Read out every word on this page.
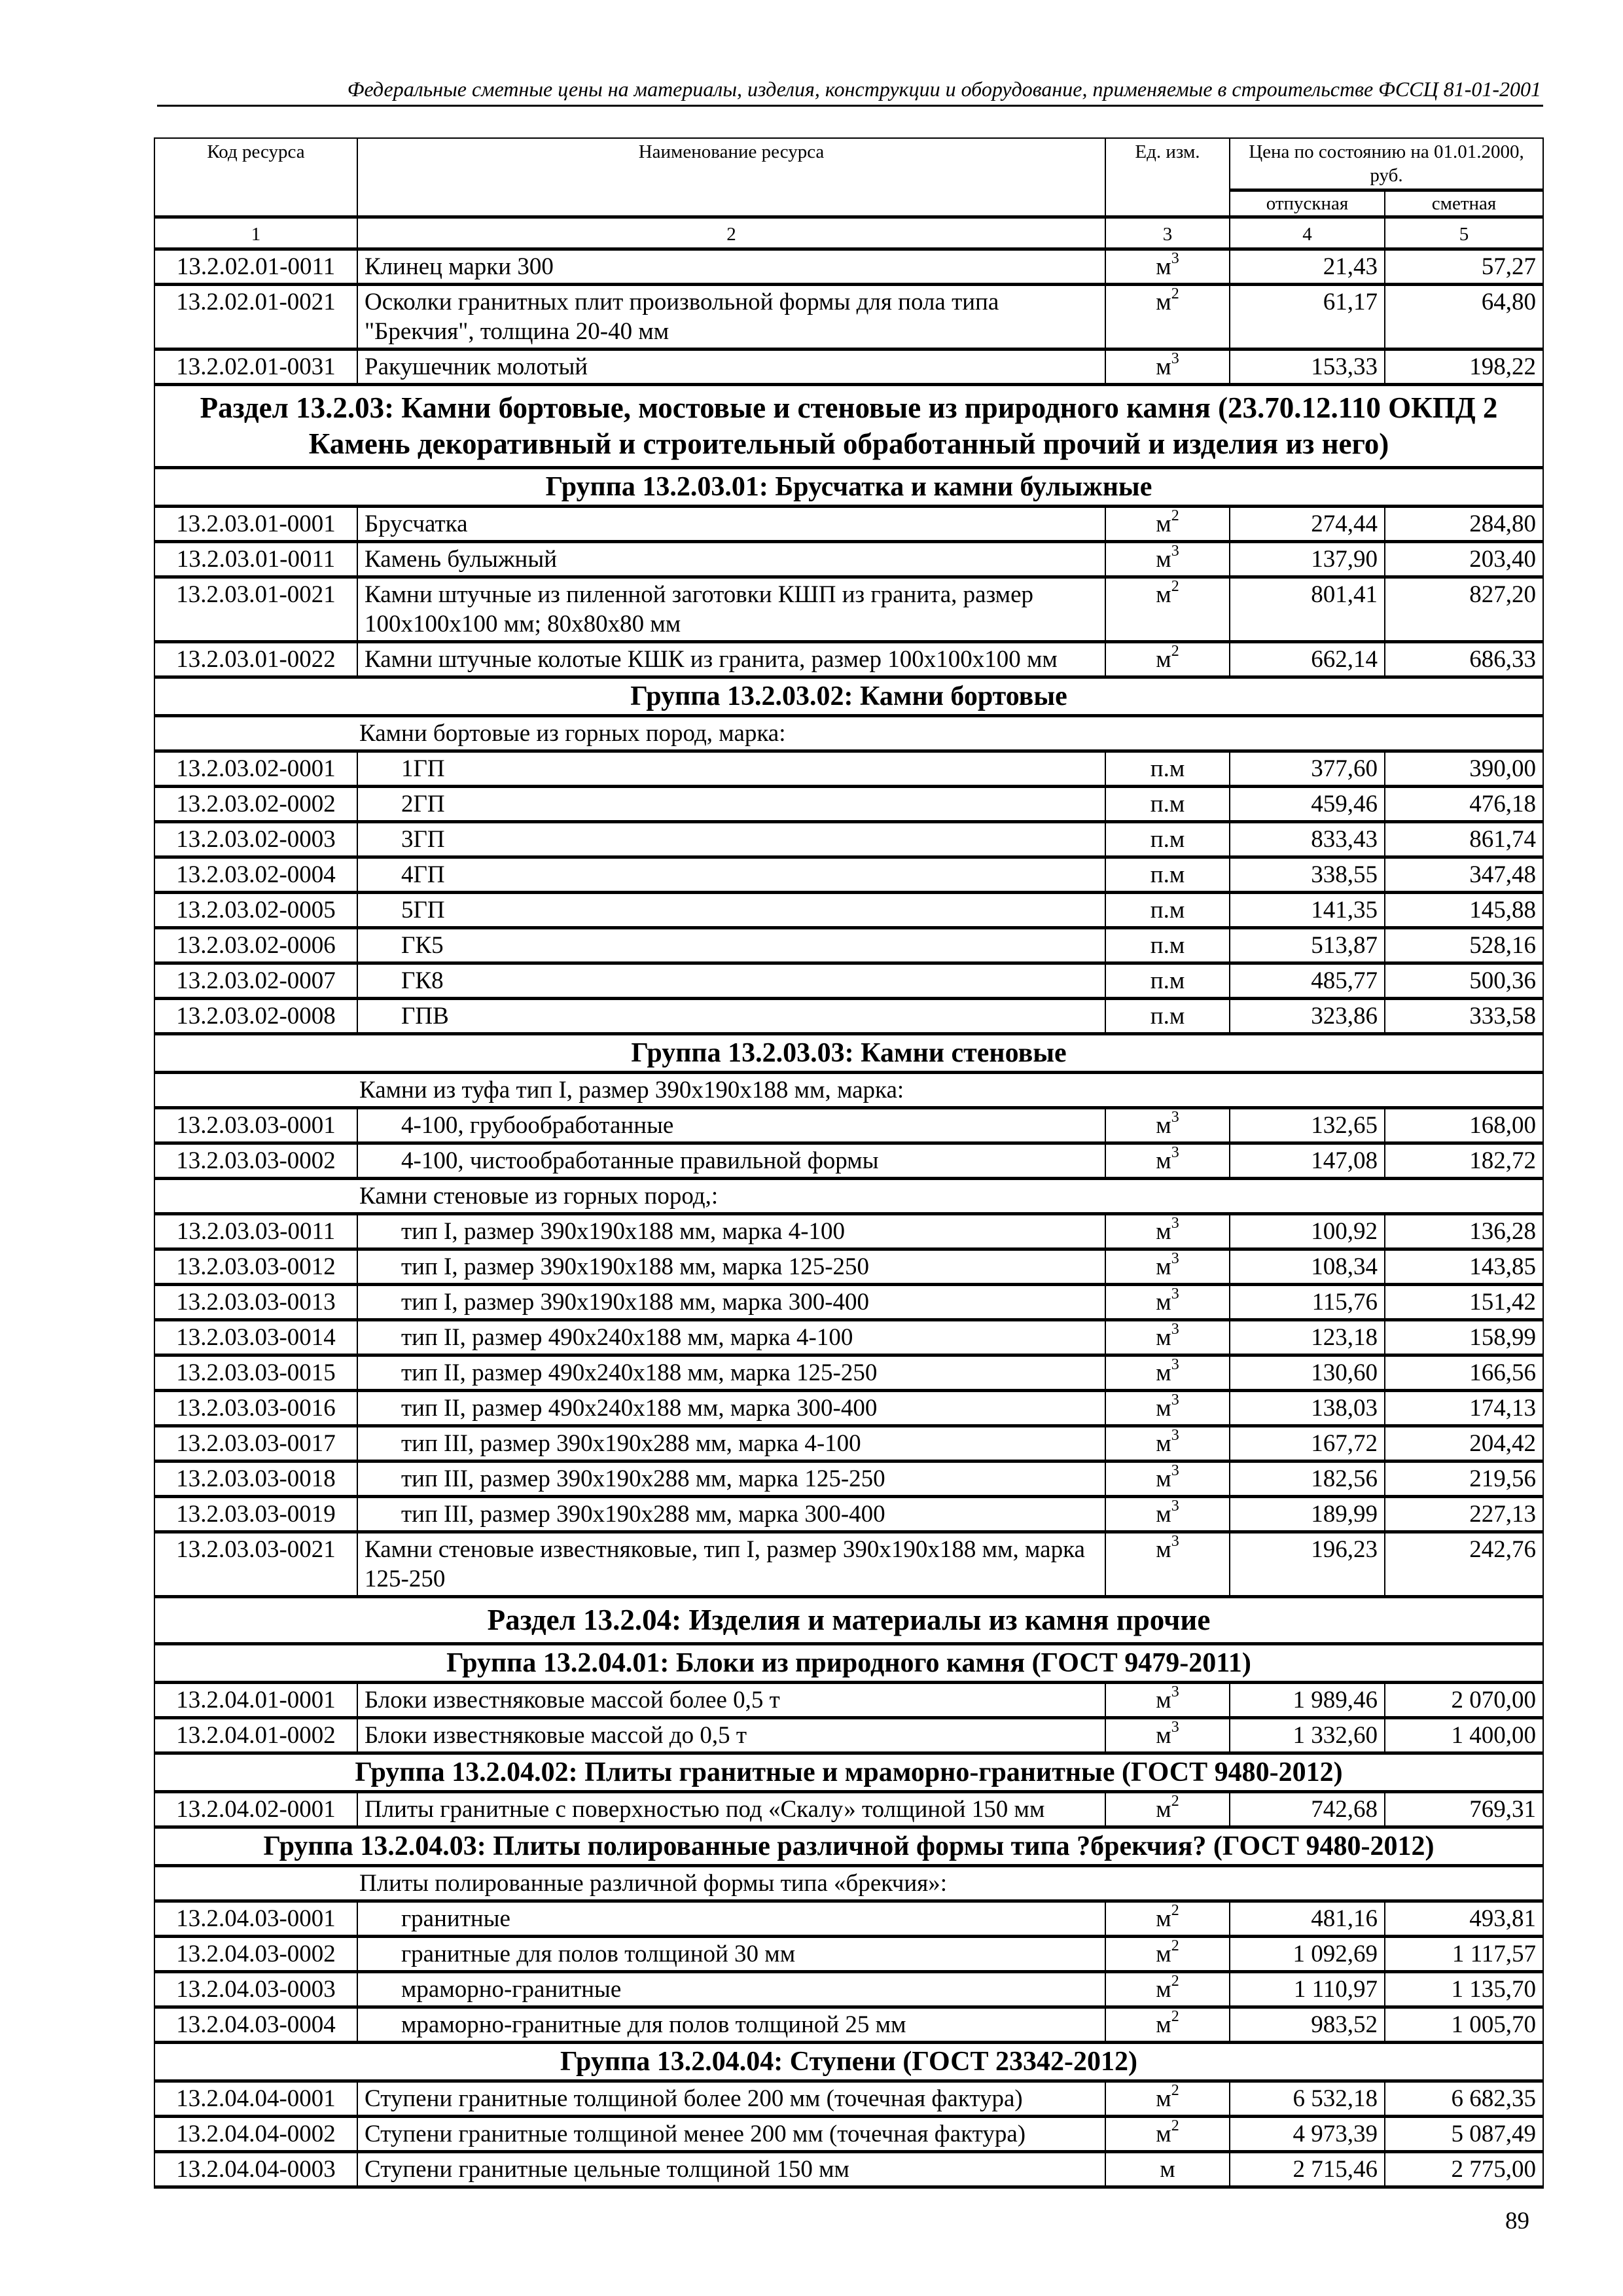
Федеральные сметные цены на материалы, изделия, конструкции и оборудование, применяемые в строительстве ФССЦ 81-01-2001
Код ресурса	Наименование ресурса	Ед. изм.	Цена по состоянию на 01.01.2000, руб.	
			отпускная	сметная
1	2	3	4	5
13.2.02.01-0011	Клинец марки 300	$м^3$	21,43	57,27
13.2.02.01-0021	Осколки гранитных плит произвольной формы для пола типа "Брекчия", толщина 20-40 мм	$м^2$	61,17	64,80
13.2.02.01-0031	Ракушечник молотый	$м^3$	153,33	198,22
Раздел 13.2.03: Камни бортовые, мостовые и стеновые из природного камня (23.70.12.110 ОКПД 2 Камень декоративный и строительный обработанный прочий и изделия из него)				
Группа 13.2.03.01: Брусчатка и камни булыжные				
13.2.03.01-0001	Брусчатка	$м^2$	274,44	284,80
13.2.03.01-0011	Камень булыжный	$м^3$	137,90	203,40
13.2.03.01-0021	Камни штучные из пиленной заготовки КШП из гранита, размер 100х100х100 мм; 80х80х80 мм	$м^2$	801,41	827,20
13.2.03.01-0022	Камни штучные колотые КШК из гранита, размер 100х100х100 мм	$м^2$	662,14	686,33
Группа 13.2.03.02: Камни бортовые				
Камни бортовые из горных пород, марка:				
13.2.03.02-0001	1ГП	п.м	377,60	390,00
13.2.03.02-0002	2ГП	п.м	459,46	476,18
13.2.03.02-0003	3ГП	п.м	833,43	861,74
13.2.03.02-0004	4ГП	п.м	338,55	347,48
13.2.03.02-0005	5ГП	п.м	141,35	145,88
13.2.03.02-0006	ГК5	п.м	513,87	528,16
13.2.03.02-0007	ГК8	п.м	485,77	500,36
13.2.03.02-0008	ГПВ	п.м	323,86	333,58
Группа 13.2.03.03: Камни стеновые				
Камни из туфа тип I, размер 390х190х188 мм, марка:				
13.2.03.03-0001	4-100, грубообработанные	$м^3$	132,65	168,00
13.2.03.03-0002	4-100, чистообработанные правильной формы	$м^3$	147,08	182,72
Камни стеновые из горных пород,:				
13.2.03.03-0011	тип I, размер 390х190х188 мм, марка 4-100	$м^3$	100,92	136,28
13.2.03.03-0012	тип I, размер 390х190х188 мм, марка 125-250	$м^3$	108,34	143,85
13.2.03.03-0013	тип I, размер 390х190х188 мм, марка 300-400	$м^3$	115,76	151,42
13.2.03.03-0014	тип II, размер 490х240х188 мм, марка 4-100	$м^3$	123,18	158,99
13.2.03.03-0015	тип II, размер 490х240х188 мм, марка 125-250	$м^3$	130,60	166,56
13.2.03.03-0016	тип II, размер 490х240х188 мм, марка 300-400	$м^3$	138,03	174,13
13.2.03.03-0017	тип III, размер 390х190х288 мм, марка 4-100	$м^3$	167,72	204,42
13.2.03.03-0018	тип III, размер 390х190х288 мм, марка 125-250	$м^3$	182,56	219,56
13.2.03.03-0019	тип III, размер 390х190х288 мм, марка 300-400	$м^3$	189,99	227,13
13.2.03.03-0021	Камни стеновые известняковые, тип I, размер 390х190х188 мм, марка 125-250	$м^3$	196,23	242,76
Раздел 13.2.04: Изделия и материалы из камня прочие				
Группа 13.2.04.01: Блоки из природного камня (ГОСТ 9479-2011)				
13.2.04.01-0001	Блоки известняковые массой более 0,5 т	$м^3$	1 989,46	2 070,00
13.2.04.01-0002	Блоки известняковые массой до 0,5 т	$м^3$	1 332,60	1 400,00
Группа 13.2.04.02: Плиты гранитные и мраморно-гранитные (ГОСТ 9480-2012)				
13.2.04.02-0001	Плиты гранитные с поверхностью под «Скалу» толщиной 150 мм	$м^2$	742,68	769,31
Группа 13.2.04.03: Плиты полированные различной формы типа ?брекчия? (ГОСТ 9480-2012)				
Плиты полированные различной формы типа «брекчия»:				
13.2.04.03-0001	гранитные	$м^2$	481,16	493,81
13.2.04.03-0002	гранитные для полов толщиной 30 мм	$м^2$	1 092,69	1 117,57
13.2.04.03-0003	мраморно-гранитные	$м^2$	1 110,97	1 135,70
13.2.04.03-0004	мраморно-гранитные для полов толщиной 25 мм	$м^2$	983,52	1 005,70
Группа 13.2.04.04: Ступени (ГОСТ 23342-2012)				
13.2.04.04-0001	Ступени гранитные толщиной более 200 мм (точечная фактура)	$м^2$	6 532,18	6 682,35
13.2.04.04-0002	Ступени гранитные толщиной менее 200 мм (точечная фактура)	$м^2$	4 973,39	5 087,49
13.2.04.04-0003	Ступени гранитные цельные толщиной 150 мм	м	2 715,46	2 775,00
89
